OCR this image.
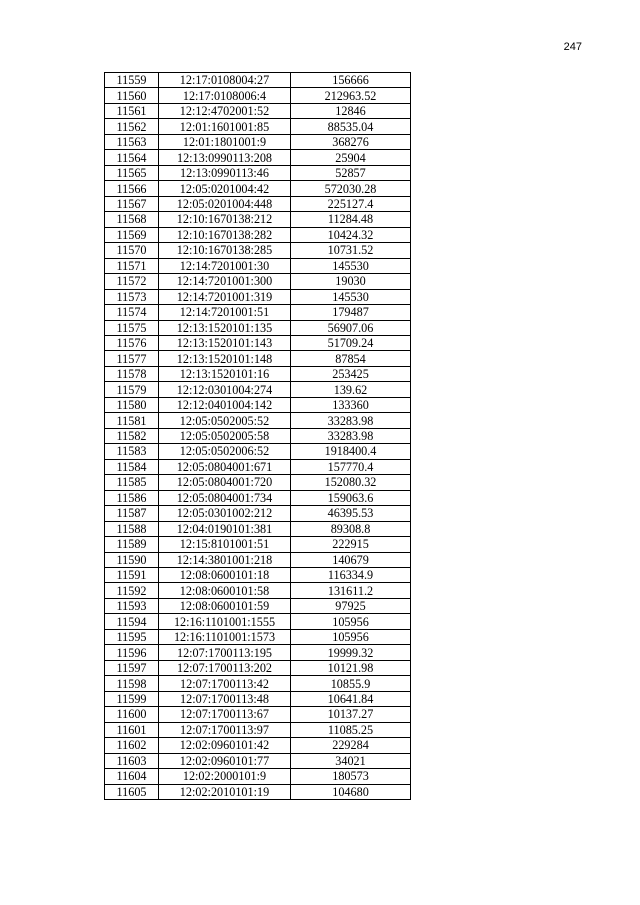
247
11559	12:17:0108004:27	156666
11560	12:17:0108006:4	212963.52
11561	12:12:4702001:52	12846
11562	12:01:1601001:85	88535.04
11563	12:01:1801001:9	368276
11564	12:13:0990113:208	25904
11565	12:13:0990113:46	52857
11566	12:05:0201004:42	572030.28
11567	12:05:0201004:448	225127.4
11568	12:10:1670138:212	11284.48
11569	12:10:1670138:282	10424.32
11570	12:10:1670138:285	10731.52
11571	12:14:7201001:30	145530
11572	12:14:7201001:300	19030
11573	12:14:7201001:319	145530
11574	12:14:7201001:51	179487
11575	12:13:1520101:135	56907.06
11576	12:13:1520101:143	51709.24
11577	12:13:1520101:148	87854
11578	12:13:1520101:16	253425
11579	12:12:0301004:274	139.62
11580	12:12:0401004:142	133360
11581	12:05:0502005:52	33283.98
11582	12:05:0502005:58	33283.98
11583	12:05:0502006:52	1918400.4
11584	12:05:0804001:671	157770.4
11585	12:05:0804001:720	152080.32
11586	12:05:0804001:734	159063.6
11587	12:05:0301002:212	46395.53
11588	12:04:0190101:381	89308.8
11589	12:15:8101001:51	222915
11590	12:14:3801001:218	140679
11591	12:08:0600101:18	116334.9
11592	12:08:0600101:58	131611.2
11593	12:08:0600101:59	97925
11594	12:16:1101001:1555	105956
11595	12:16:1101001:1573	105956
11596	12:07:1700113:195	19999.32
11597	12:07:1700113:202	10121.98
11598	12:07:1700113:42	10855.9
11599	12:07:1700113:48	10641.84
11600	12:07:1700113:67	10137.27
11601	12:07:1700113:97	11085.25
11602	12:02:0960101:42	229284
11603	12:02:0960101:77	34021
11604	12:02:2000101:9	180573
11605	12:02:2010101:19	104680
